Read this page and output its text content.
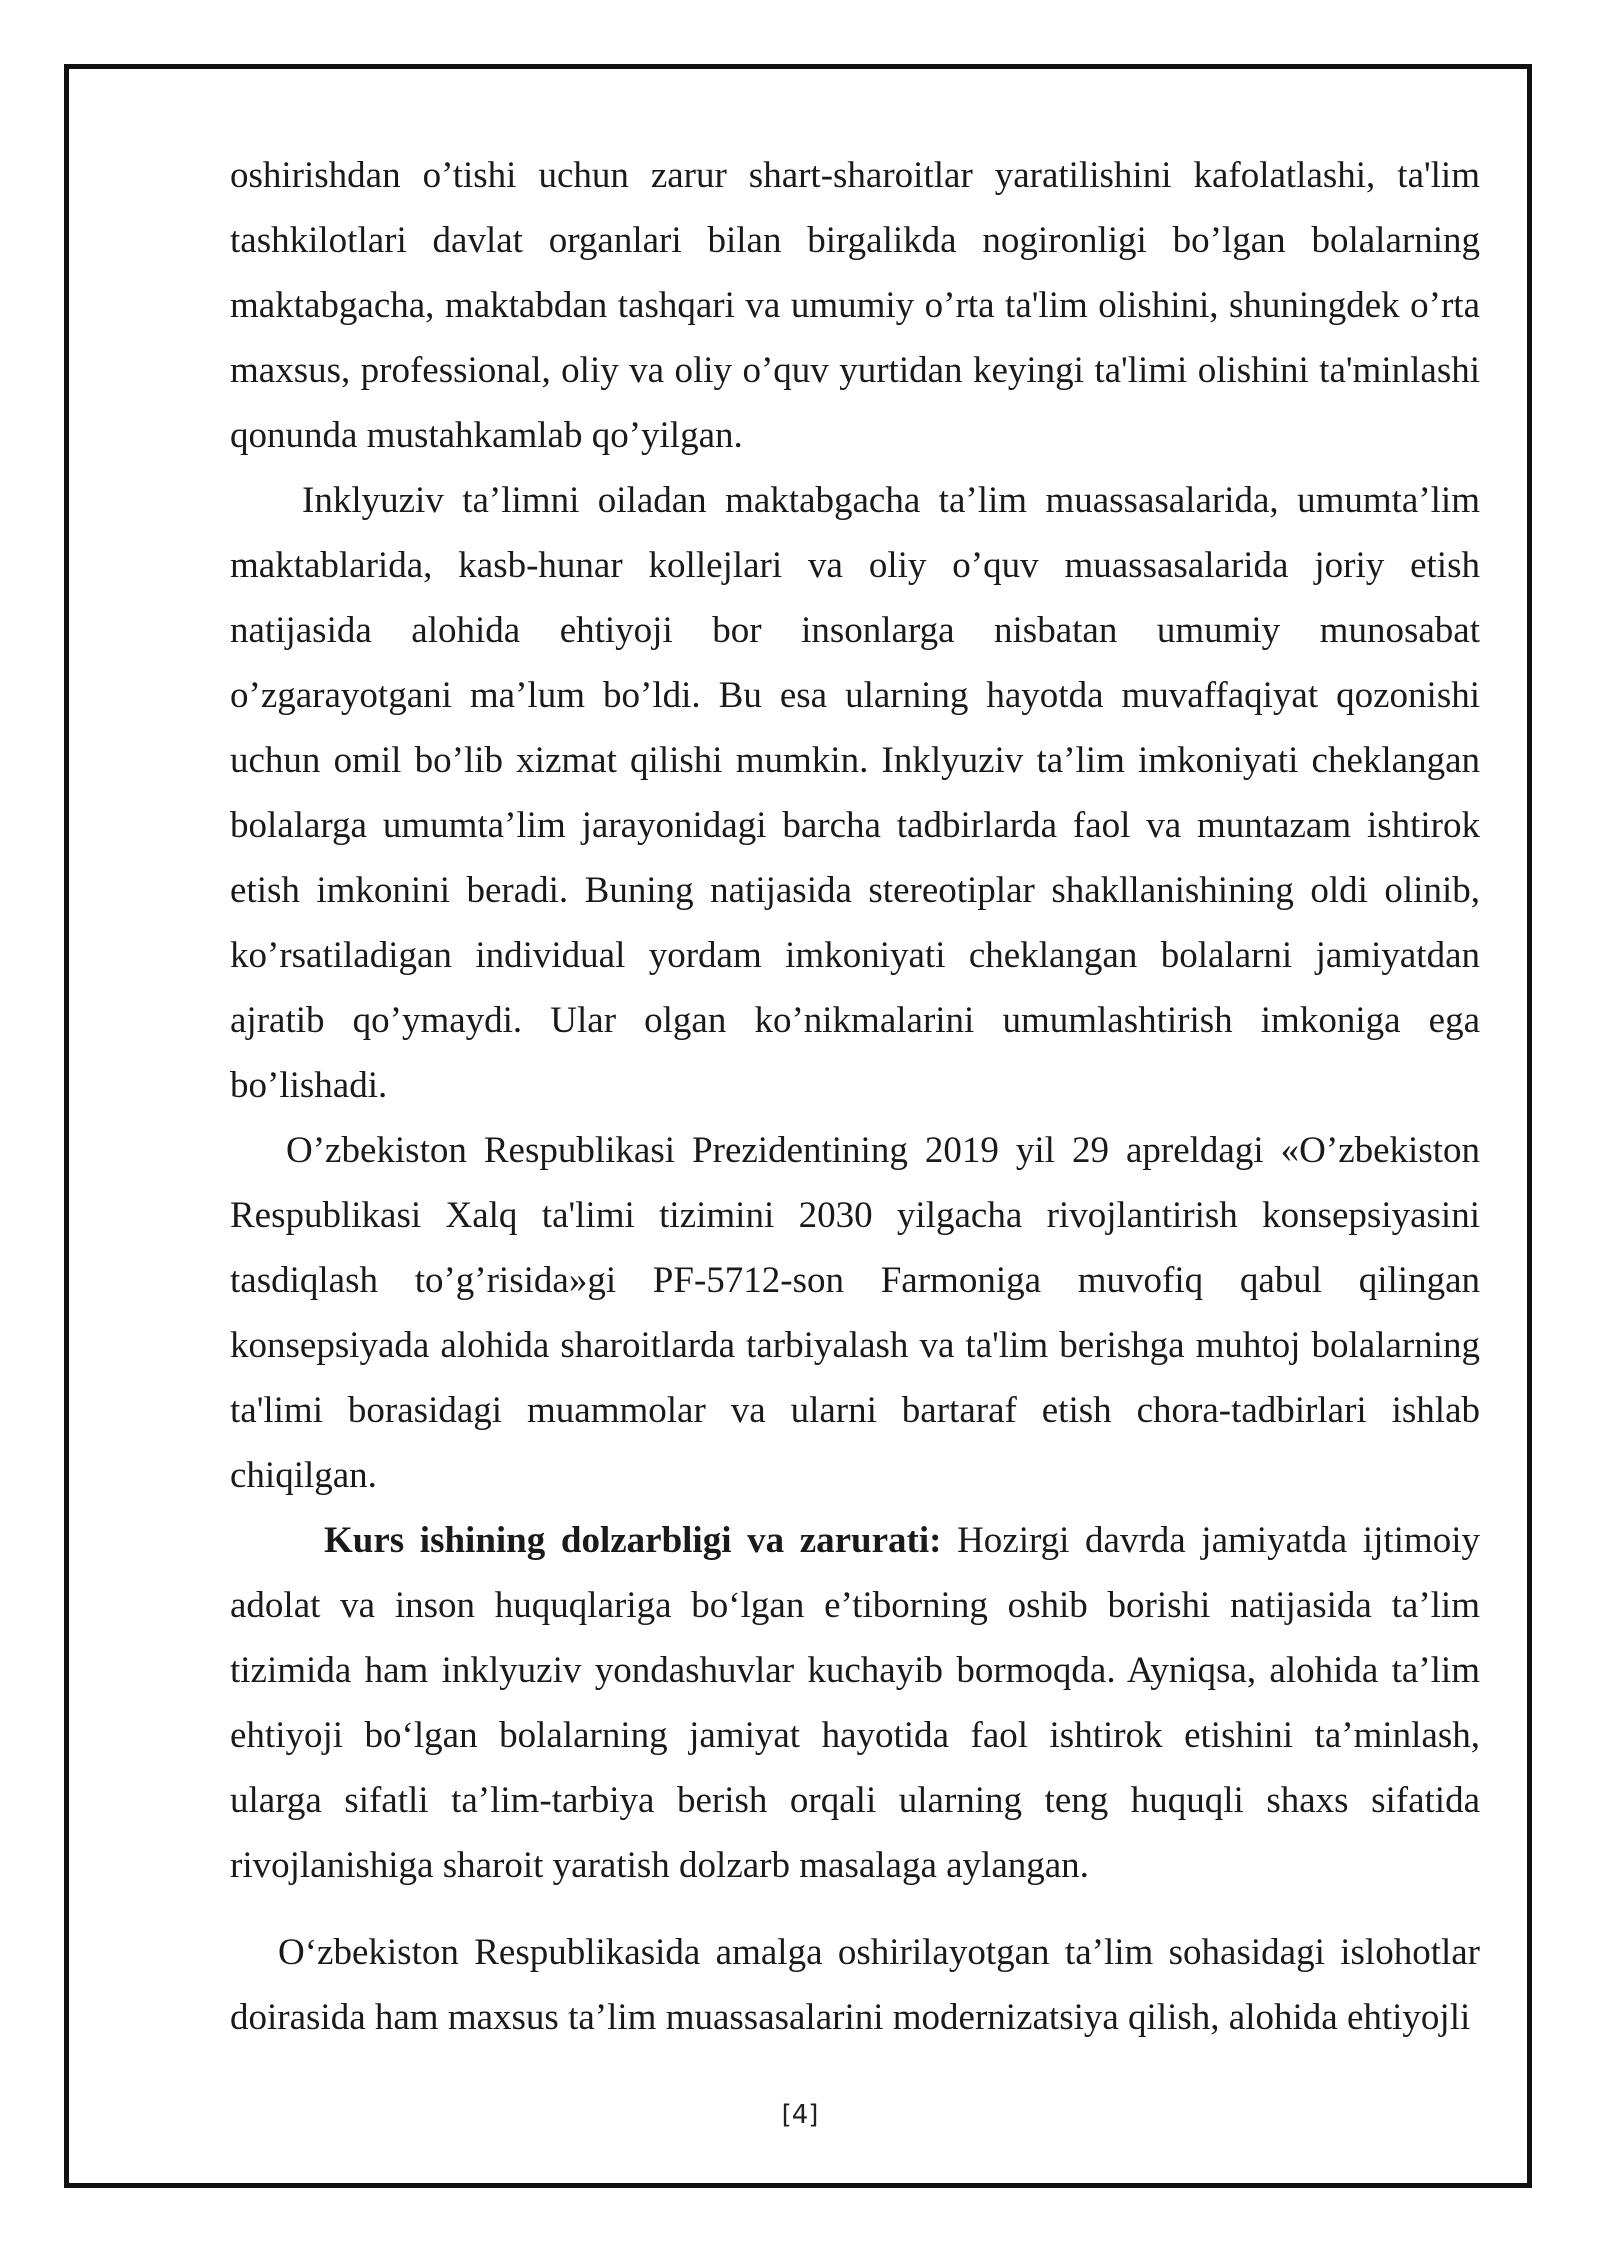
oshirishdan o’tishi uchun zarur shart-sharoitlar yaratilishini kafolatlashi, ta'lim tashkilotlari davlat organlari bilan birgalikda nogironligi bo’lgan bolalarning maktabgacha, maktabdan tashqari va umumiy o’rta ta'lim olishini, shuningdek o’rta maxsus, professional, oliy va oliy o’quv yurtidan keyingi ta'limi olishini ta'minlashi qonunda mustahkamlab qo’yilgan.

Inklyuziv ta’limni oiladan maktabgacha ta’lim muassasalarida, umumta’lim maktablarida, kasb-hunar kollejlari va oliy o’quv muassasalarida joriy etish natijasida alohida ehtiyoji bor insonlarga nisbatan umumiy munosabat o’zgarayotgani ma’lum bo’ldi. Bu esa ularning hayotda muvaffaqiyat qozonishi uchun omil bo’lib xizmat qilishi mumkin. Inklyuziv ta’lim imkoniyati cheklangan bolalarga umumta’lim jarayonidagi barcha tadbirlarda faol va muntazam ishtirok etish imkonini beradi. Buning natijasida stereotiplar shakllanishining oldi olinib, ko’rsatiladigan individual yordam imkoniyati cheklangan bolalarni jamiyatdan ajratib qo’ymaydi. Ular olgan ko’nikmalarini umumlashtirish imkoniga ega bo’lishadi.

O’zbekiston Respublikasi Prezidentining 2019 yil 29 apreldagi «O’zbekiston Respublikasi Xalq ta'limi tizimini 2030 yilgacha rivojlantirish konsepsiyasini tasdiqlash to’g’risida»gi PF-5712-son Farmoniga muvofiq qabul qilingan konsepsiyada alohida sharoitlarda tarbiyalash va ta'lim berishga muhtoj bolalarning ta'limi borasidagi muammolar va ularni bartaraf etish chora-tadbirlari ishlab chiqilgan.

Kurs ishining dolzarbligi va zarurati: Hozirgi davrda jamiyatda ijtimoiy adolat va inson huquqlariga bo‘lgan e’tiborning oshib borishi natijasida ta’lim tizimida ham inklyuziv yondashuvlar kuchayib bormoqda. Ayniqsa, alohida ta’lim ehtiyoji bo‘lgan bolalarning jamiyat hayotida faol ishtirok etishini ta’minlash, ularga sifatli ta’lim-tarbiya berish orqali ularning teng huquqli shaxs sifatida rivojlanishiga sharoit yaratish dolzarb masalaga aylangan.

O‘zbekiston Respublikasida amalga oshirilayotgan ta’lim sohasidagi islohotlar doirasida ham maxsus ta’lim muassasalarini modernizatsiya qilish, alohida ehtiyojli

[4]
